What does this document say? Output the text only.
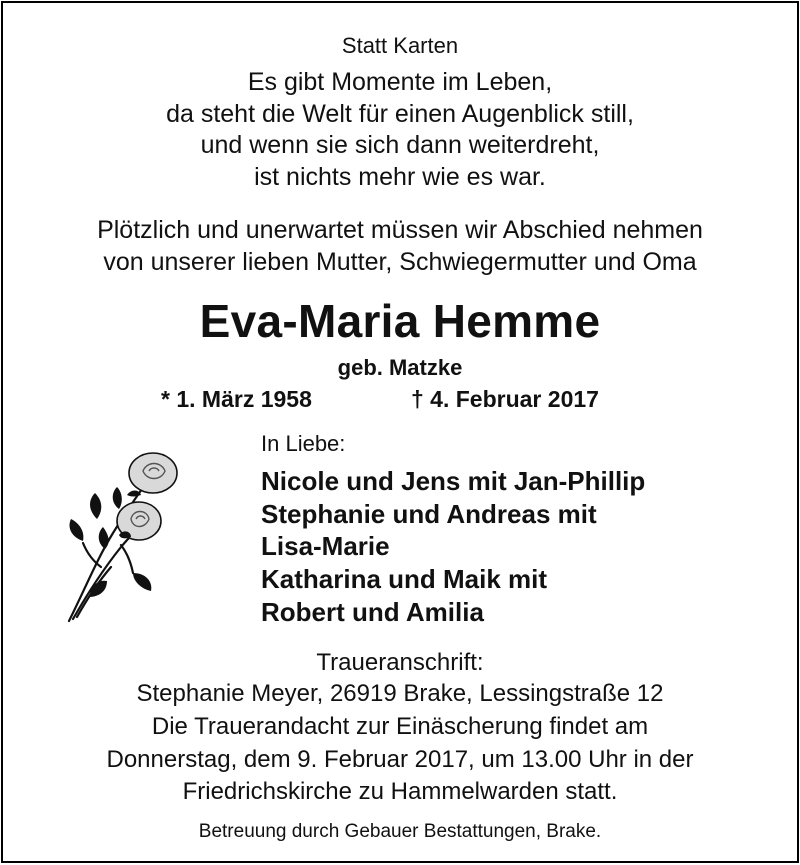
Statt Karten
Es gibt Momente im Leben,
da steht die Welt für einen Augenblick still,
und wenn sie sich dann weiterdreht,
ist nichts mehr wie es war.
Plötzlich und unerwartet müssen wir Abschied nehmen
von unserer lieben Mutter, Schwiegermutter und Oma
Eva-Maria Hemme
geb. Matzke
* 1. März 1958	† 4. Februar 2017
In Liebe:
Nicole und Jens mit Jan-Phillip
Stephanie und Andreas mit
Lisa-Marie
Katharina und Maik mit
Robert und Amilia
Traueranschrift:
Stephanie Meyer, 26919 Brake, Lessingstraße 12
Die Trauerandacht zur Einäscherung findet am
Donnerstag, dem 9. Februar 2017, um 13.00 Uhr in der
Friedrichskirche zu Hammelwarden statt.
Betreuung durch Gebauer Bestattungen, Brake.
